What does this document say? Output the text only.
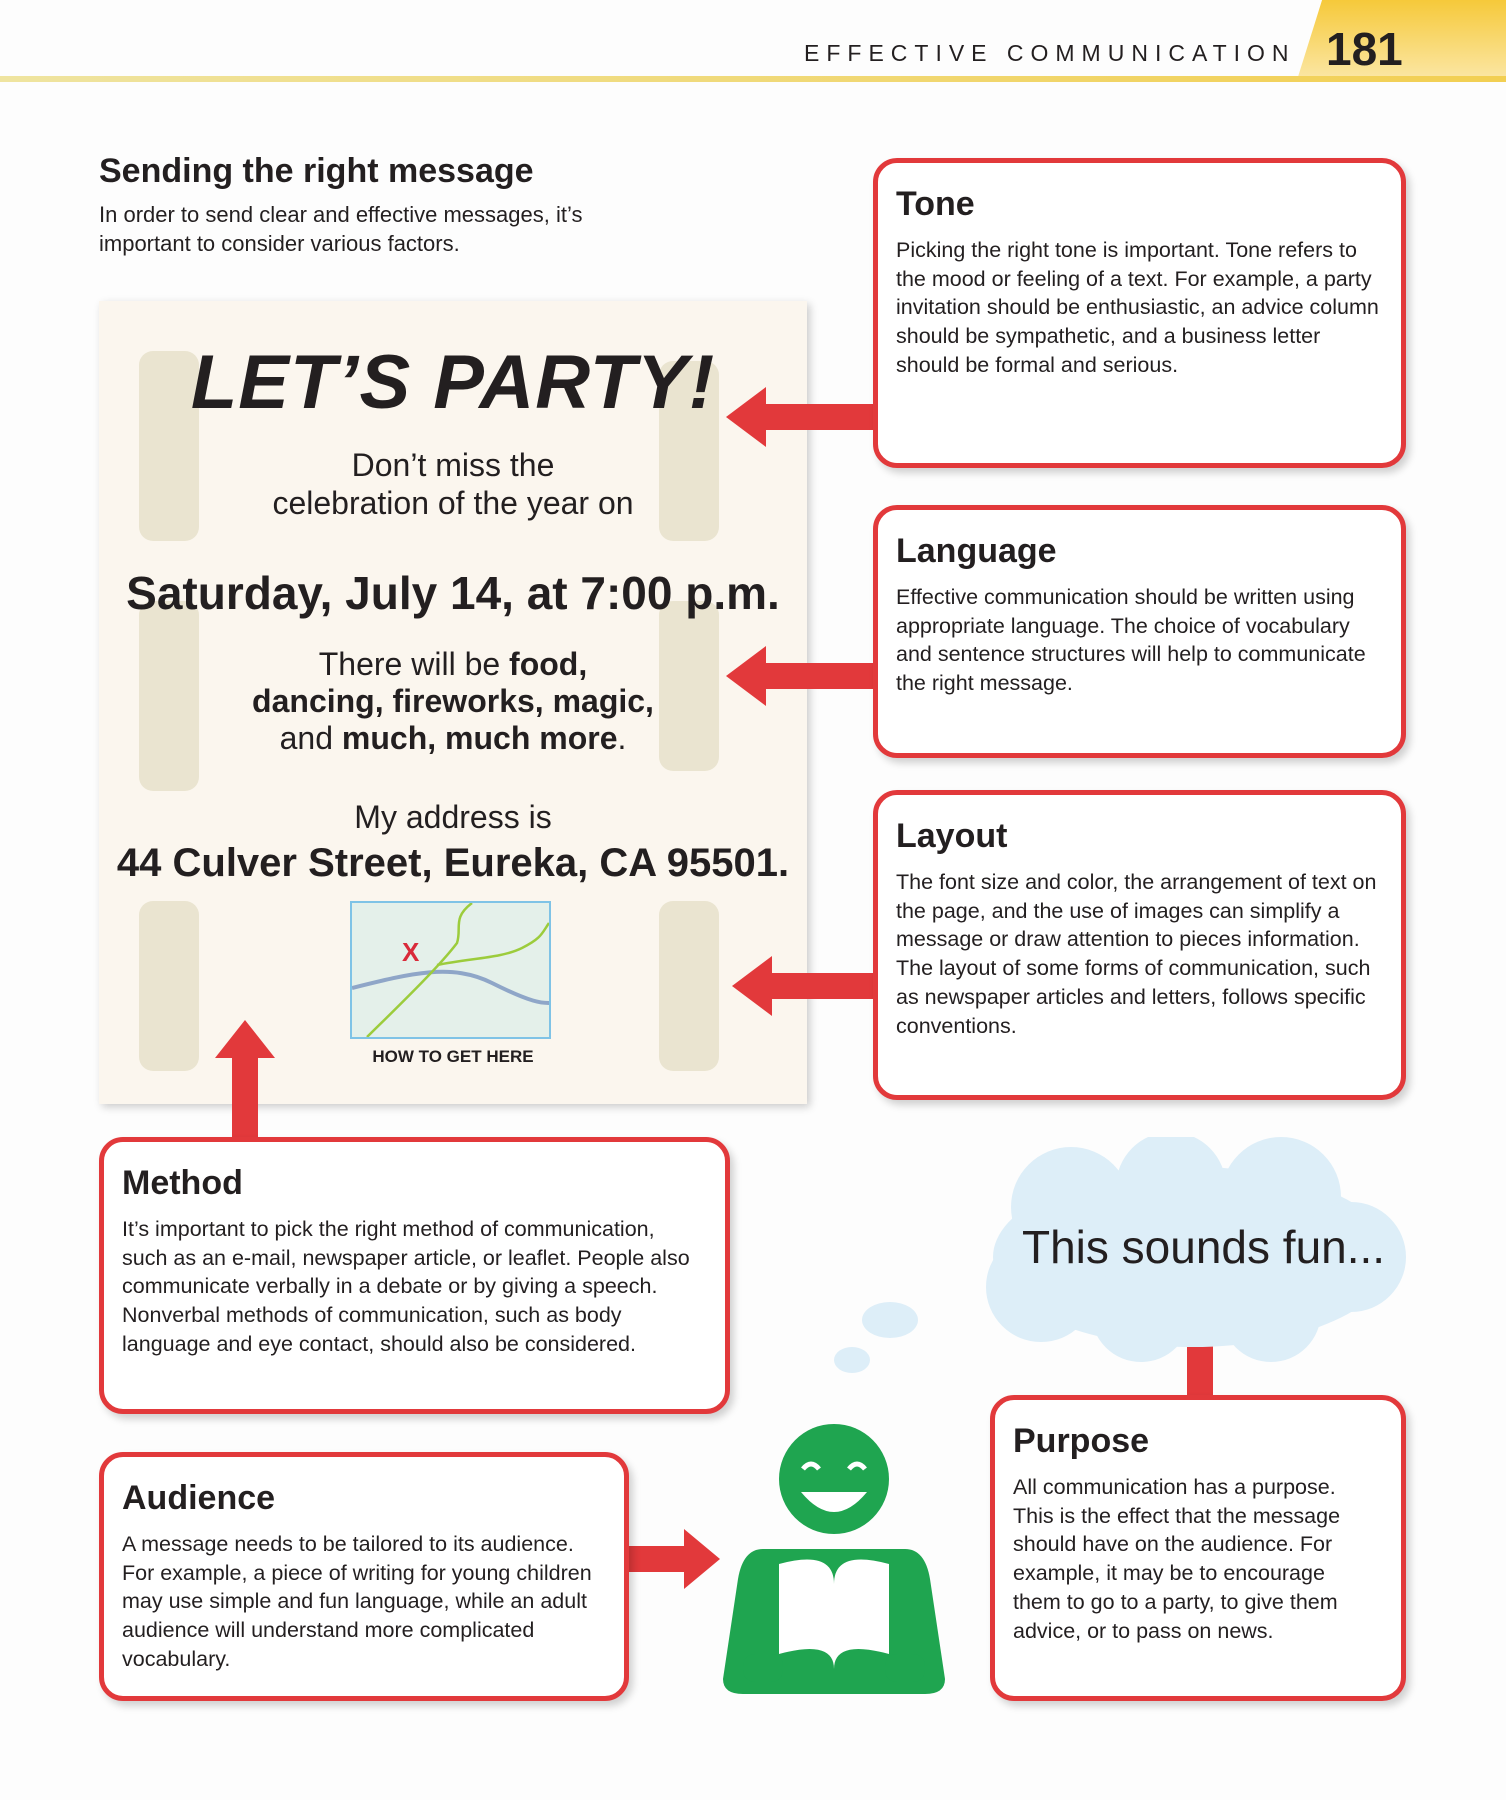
EFFECTIVE COMMUNICATION 181
Sending the right message
In order to send clear and effective messages, it’s important to consider various factors.
LET’S PARTY!
Don’t miss the
celebration of the year on
Saturday, July 14, at 7:00 p.m.
There will be food,
dancing, fireworks, magic,
and much, much more.
My address is
44 Culver Street, Eureka, CA 95501.
X
HOW TO GET HERE
Tone

Picking the right tone is important. Tone refers to the mood or feeling of a text. For example, a party invitation should be enthusiastic, an advice column should be sympathetic, and a business letter should be formal and serious.

Language

Effective communication should be written using appropriate language. The choice of vocabulary and sentence structures will help to communicate the right message.

Layout

The font size and color, the arrangement of text on the page, and the use of images can simplify a message or draw attention to pieces information. The layout of some forms of communication, such as newspaper articles and letters, follows specific conventions.

Method

It’s important to pick the right method of communication, such as an e-mail, newspaper article, or leaflet. People also communicate verbally in a debate or by giving a speech. Nonverbal methods of communication, such as body language and eye contact, should also be considered.

Audience

A message needs to be tailored to its audience. For example, a piece of writing for young children may use simple and fun language, while an adult audience will understand more complicated vocabulary.

Purpose

All communication has a purpose. This is the effect that the message should have on the audience. For example, it may be to encourage them to go to a party, to give them advice, or to pass on news.

This sounds fun...
